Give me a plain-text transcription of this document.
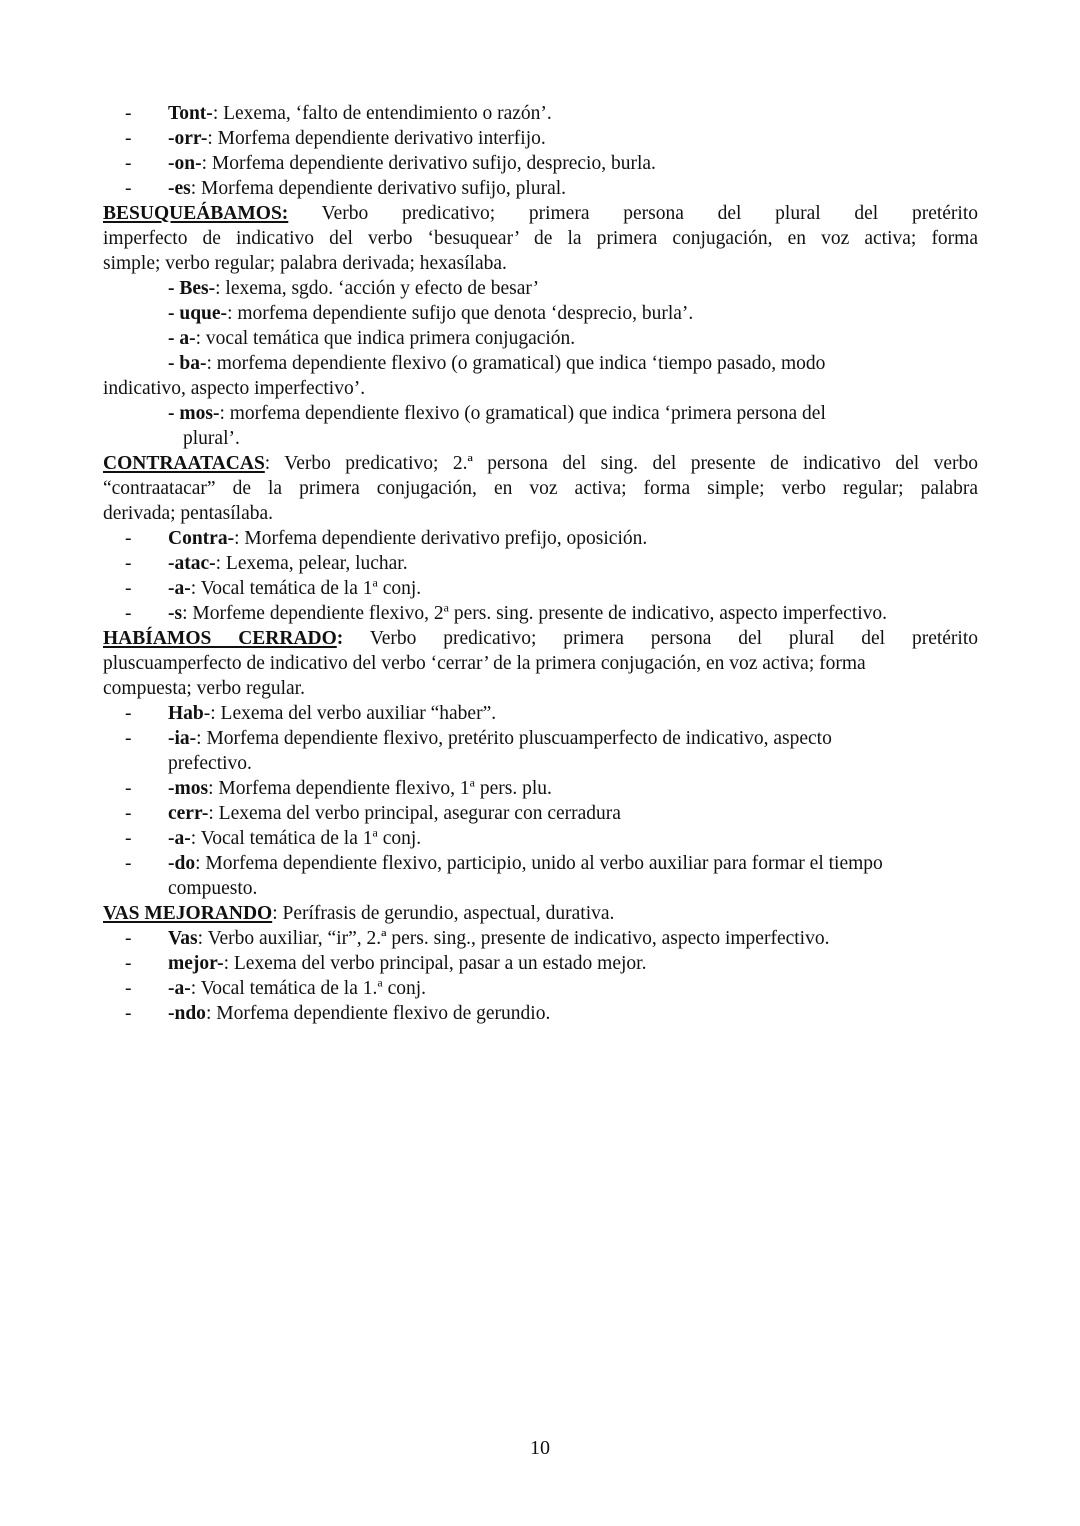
- Tont-: Lexema, ‘falto de entendimiento o razón’.
- -orr-: Morfema dependiente derivativo interfijo.
- -on-: Morfema dependiente derivativo sufijo, desprecio, burla.
- -es: Morfema dependiente derivativo sufijo, plural.
BESUQUEÁBAMOS: Verbo predicativo; primera persona del plural del pretérito
imperfecto de indicativo del verbo ‘besuquear’ de la primera conjugación, en voz activa; forma
simple; verbo regular; palabra derivada; hexasílaba.
- Bes-: lexema, sgdo. ‘acción y efecto de besar’
- uque-: morfema dependiente sufijo que denota ‘desprecio, burla’.
- a-: vocal temática que indica primera conjugación.
- ba-: morfema dependiente flexivo (o gramatical) que indica ‘tiempo pasado, modo
indicativo, aspecto imperfectivo’.
- mos-: morfema dependiente flexivo (o gramatical) que indica ‘primera persona del
plural’.
CONTRAATACAS: Verbo predicativo; 2.ª persona del sing. del presente de indicativo del verbo
“contraatacar” de la primera conjugación, en voz activa; forma simple; verbo regular; palabra
derivada; pentasílaba.
- Contra-: Morfema dependiente derivativo prefijo, oposición.
- -atac-: Lexema, pelear, luchar.
- -a-: Vocal temática de la 1$^a$ conj.
- -s: Morfeme dependiente flexivo, 2$^a$ pers. sing. presente de indicativo, aspecto imperfectivo.
HABÍAMOS CERRADO: Verbo predicativo; primera persona del plural del pretérito
pluscuamperfecto de indicativo del verbo ‘cerrar’ de la primera conjugación, en voz activa; forma
compuesta; verbo regular.
- Hab-: Lexema del verbo auxiliar “haber”.
- -ia-: Morfema dependiente flexivo, pretérito pluscuamperfecto de indicativo, aspecto
prefectivo.
- -mos: Morfema dependiente flexivo, 1$^a$ pers. plu.
- cerr-: Lexema del verbo principal, asegurar con cerradura
- -a-: Vocal temática de la 1$^a$ conj.
- -do: Morfema dependiente flexivo, participio, unido al verbo auxiliar para formar el tiempo
compuesto.
VAS MEJORANDO: Perífrasis de gerundio, aspectual, durativa.
- Vas: Verbo auxiliar, “ir”, 2.ª pers. sing., presente de indicativo, aspecto imperfectivo.
- mejor-: Lexema del verbo principal, pasar a un estado mejor.
- -a-: Vocal temática de la 1.$^a$ conj.
- -ndo: Morfema dependiente flexivo de gerundio.
10
